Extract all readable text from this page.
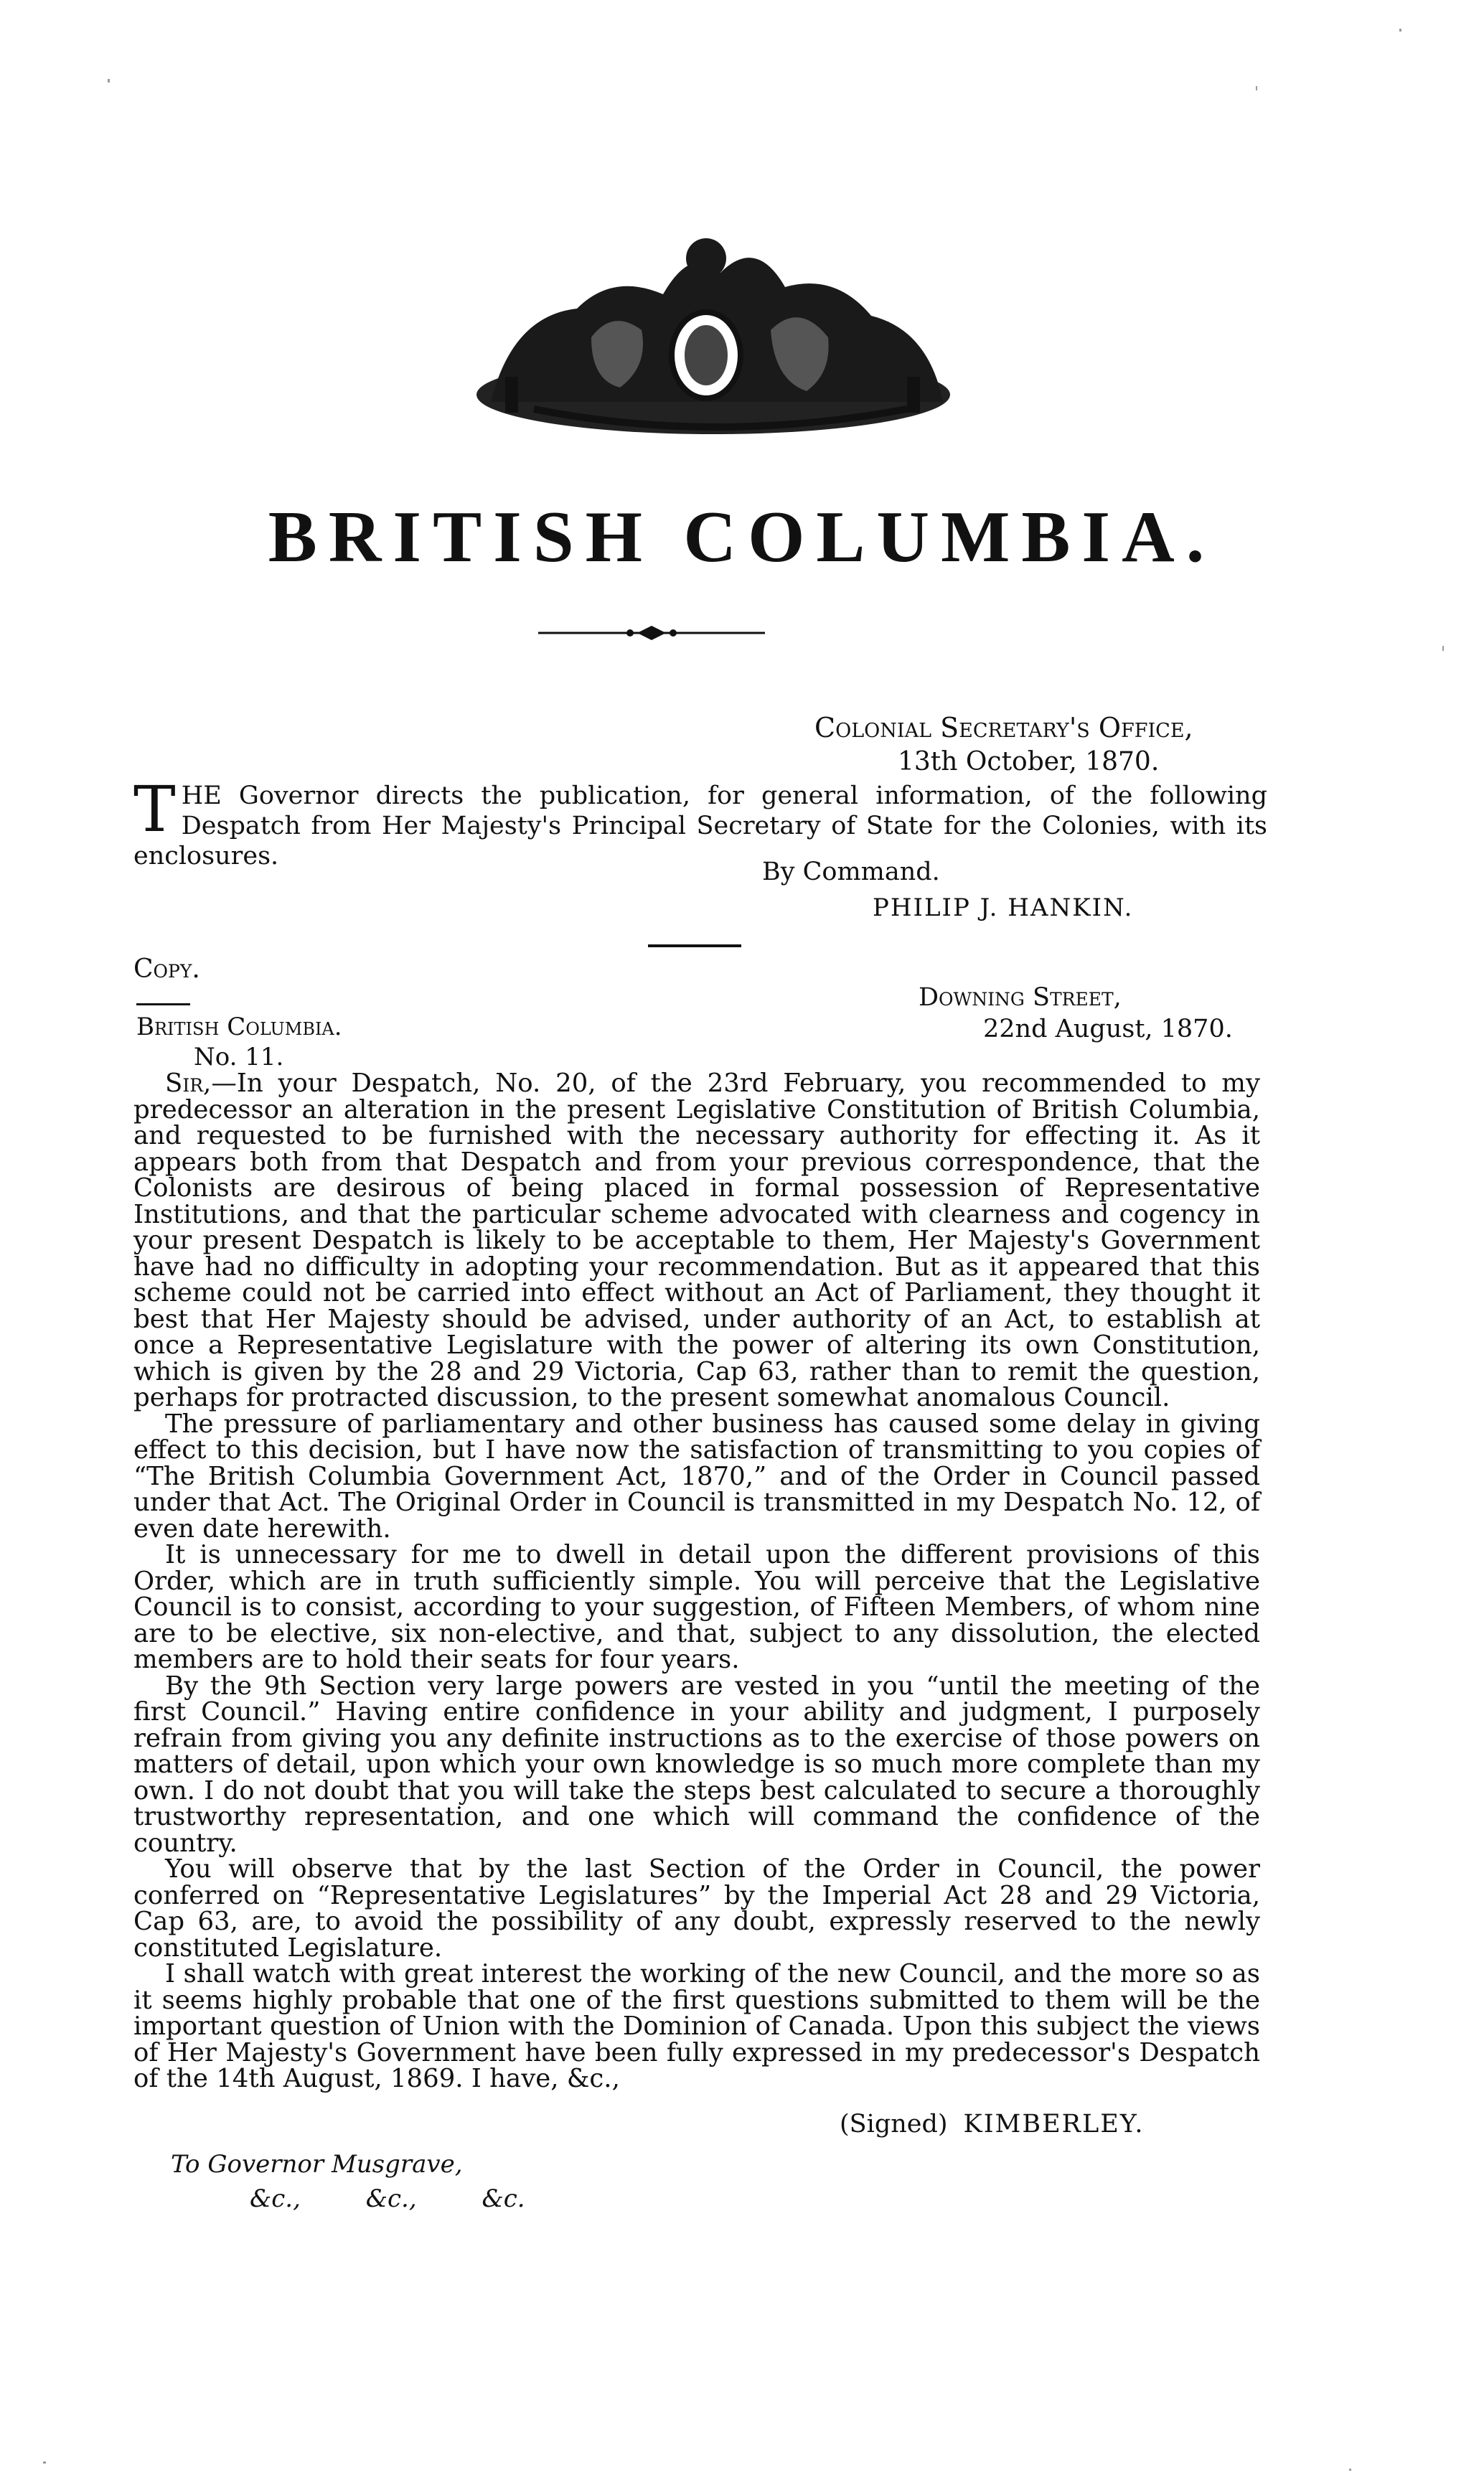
BRITISH COLUMBIA.
Colonial Secretary's Office,
13th October, 1870.
THE Governor directs the publication, for general information, of the following Despatch from Her Majesty's Principal Secretary of State for the Colonies, with its enclosures.
By Command.
PHILIP J. HANKIN.
Copy.
Downing Street,
22nd August, 1870.
British Columbia.
No. 11.

Sir,—In your Despatch, No. 20, of the 23rd February, you recommended to my predecessor an alteration in the present Legislative Constitution of British Columbia, and requested to be furnished with the necessary authority for effecting it. As it appears both from that Despatch and from your previous correspondence, that the Colonists are desirous of being placed in formal possession of Representative Institutions, and that the particular scheme advocated with clearness and cogency in your present Despatch is likely to be acceptable to them, Her Majesty's Government have had no difficulty in adopting your recommendation. But as it appeared that this scheme could not be carried into effect without an Act of Parliament, they thought it best that Her Majesty should be advised, under authority of an Act, to establish at once a Representative Legislature with the power of altering its own Constitution, which is given by the 28 and 29 Victoria, Cap 63, rather than to remit the question, perhaps for protracted discussion, to the present somewhat anomalous Council.

The pressure of parliamentary and other business has caused some delay in giving effect to this decision, but I have now the satisfaction of transmitting to you copies of “The British Columbia Government Act, 1870,” and of the Order in Council passed under that Act. The Original Order in Council is transmitted in my Despatch No. 12, of even date herewith.

It is unnecessary for me to dwell in detail upon the different provisions of this Order, which are in truth sufficiently simple. You will perceive that the Legislative Council is to consist, according to your suggestion, of Fifteen Members, of whom nine are to be elective, six non-elective, and that, subject to any dissolution, the elected members are to hold their seats for four years.

By the 9th Section very large powers are vested in you “until the meeting of the first Council.” Having entire confidence in your ability and judgment, I purposely refrain from giving you any definite instructions as to the exercise of those powers on matters of detail, upon which your own knowledge is so much more complete than my own. I do not doubt that you will take the steps best calculated to secure a thoroughly trustworthy representation, and one which will command the confidence of the country.

You will observe that by the last Section of the Order in Council, the power conferred on “Representative Legislatures” by the Imperial Act 28 and 29 Victoria, Cap 63, are, to avoid the possibility of any doubt, expressly reserved to the newly constituted Legislature.

I shall watch with great interest the working of the new Council, and the more so as it seems highly probable that one of the first questions submitted to them will be the important question of Union with the Dominion of Canada. Upon this subject the views of Her Majesty's Government have been fully expressed in my predecessor's Despatch of the 14th August, 1869. I have, &c.,

(Signed) KIMBERLEY.
To Governor Musgrave,
&c., &c., &c.
